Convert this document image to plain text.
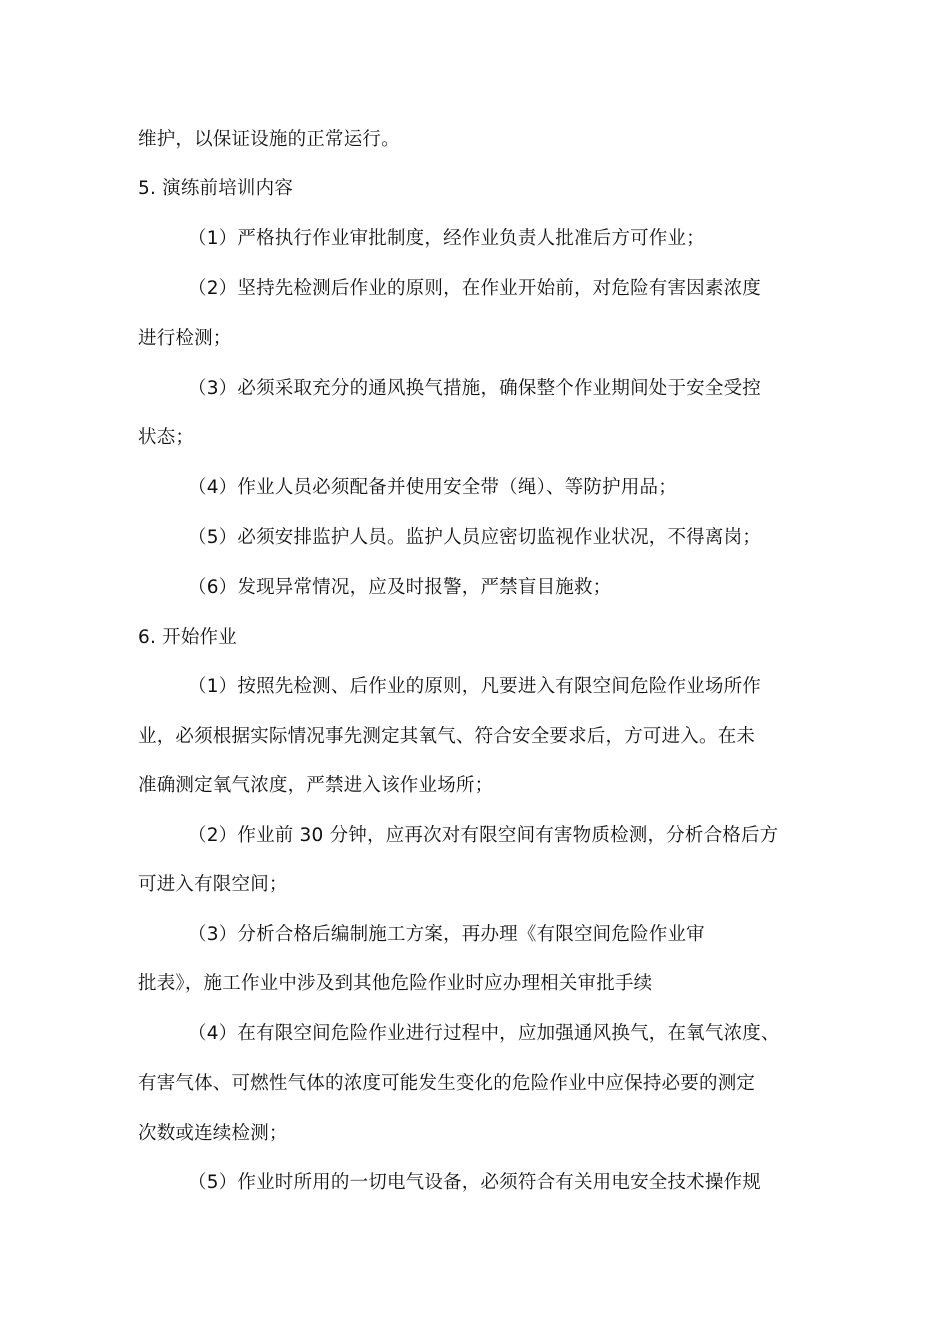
维护，以保证设施的正常运行。
5. 演练前培训内容
（1）严格执行作业审批制度，经作业负责人批准后方可作业；
（2）坚持先检测后作业的原则，在作业开始前，对危险有害因素浓度
进行检测；
（3）必须采取充分的通风换气措施，确保整个作业期间处于安全受控
状态；
（4）作业人员必须配备并使用安全带（绳）、等防护用品；
（5）必须安排监护人员。监护人员应密切监视作业状况，不得离岗；
（6）发现异常情况，应及时报警，严禁盲目施救；
6. 开始作业
（1）按照先检测、后作业的原则，凡要进入有限空间危险作业场所作
业，必须根据实际情况事先测定其氧气、符合安全要求后，方可进入。在未
准确测定氧气浓度，严禁进入该作业场所；
（2）作业前 30 分钟，应再次对有限空间有害物质检测，分析合格后方
可进入有限空间；
（3）分析合格后编制施工方案，再办理《有限空间危险作业审
批表》，施工作业中涉及到其他危险作业时应办理相关审批手续
（4）在有限空间危险作业进行过程中，应加强通风换气，在氧气浓度、
有害气体、可燃性气体的浓度可能发生变化的危险作业中应保持必要的测定
次数或连续检测；
（5）作业时所用的一切电气设备，必须符合有关用电安全技术操作规
